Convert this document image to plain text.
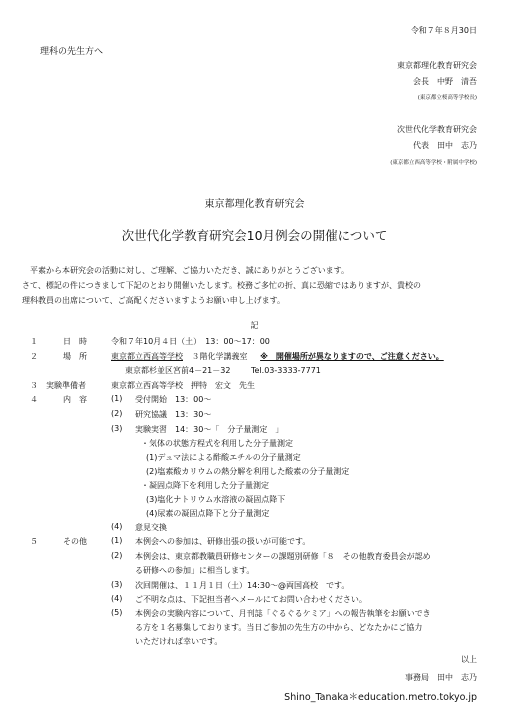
令和７年８月30日
理科の先生方へ
東京都理化教育研究会
会長　中野　清吾
(東京都立桜高等学校長)
次世代化学教育研究会
代表　田中　志乃
(東京都立西高等学校・附属中学校)
東京都理化教育研究会
次世代化学教育研究会10月例会の開催について
平素から本研究会の活動に対し、ご理解、ご協力いただき、誠にありがとうございます。
さて、標記の件につきまして下記のとおり開催いたします。校務ご多忙の折、真に恐縮ではありますが、貴校の
理科教員の出席について、ご高配くださいますようお願い申し上げます。
記
１	日　時	令和７年10月４日（土）　13：00～17：00
２	場　所	東京都立西高等学校 ３階化学講義室 ※　開催場所が異なりますので、ご注意ください。
東京都杉並区宮前4－21－32	Tel.03-3333-7771
３ 実験準備者	東京都立西高等学校　押特　宏文　先生
４	内　容	(1) 受付開始　13：00～
(2) 研究協議　13：30～
(3) 実験実習　14：30～「　分子量測定　」
・気体の状態方程式を利用した分子量測定
(1)デュマ法による酢酸エチルの分子量測定
(2)塩素酸カリウムの熱分解を利用した酸素の分子量測定
・凝固点降下を利用した分子量測定
(3)塩化ナトリウム水溶液の凝固点降下
(4)尿素の凝固点降下と分子量測定
(4) 意見交換
５	その他	(1) 本例会への参加は、研修出張の扱いが可能です。
(2) 本例会は、東京都教職員研修センターの課題別研修「８　その他教育委員会が認め
る研修への参加」に相当します。
(3) 次回開催は、１１月１日（土）14:30～@両国高校　です。
(4) ご不明な点は、下記担当者へメールにてお問い合わせください。
(5) 本例会の実験内容について、月刊誌「ぐるぐるケミア」への報告執筆をお願いでき
る方を１名募集しております。当日ご参加の先生方の中から、どなたかにご協力
いただければ幸いです。
以上
事務局　田中　志乃
Shino_Tanaka＊education.metro.tokyo.jp
